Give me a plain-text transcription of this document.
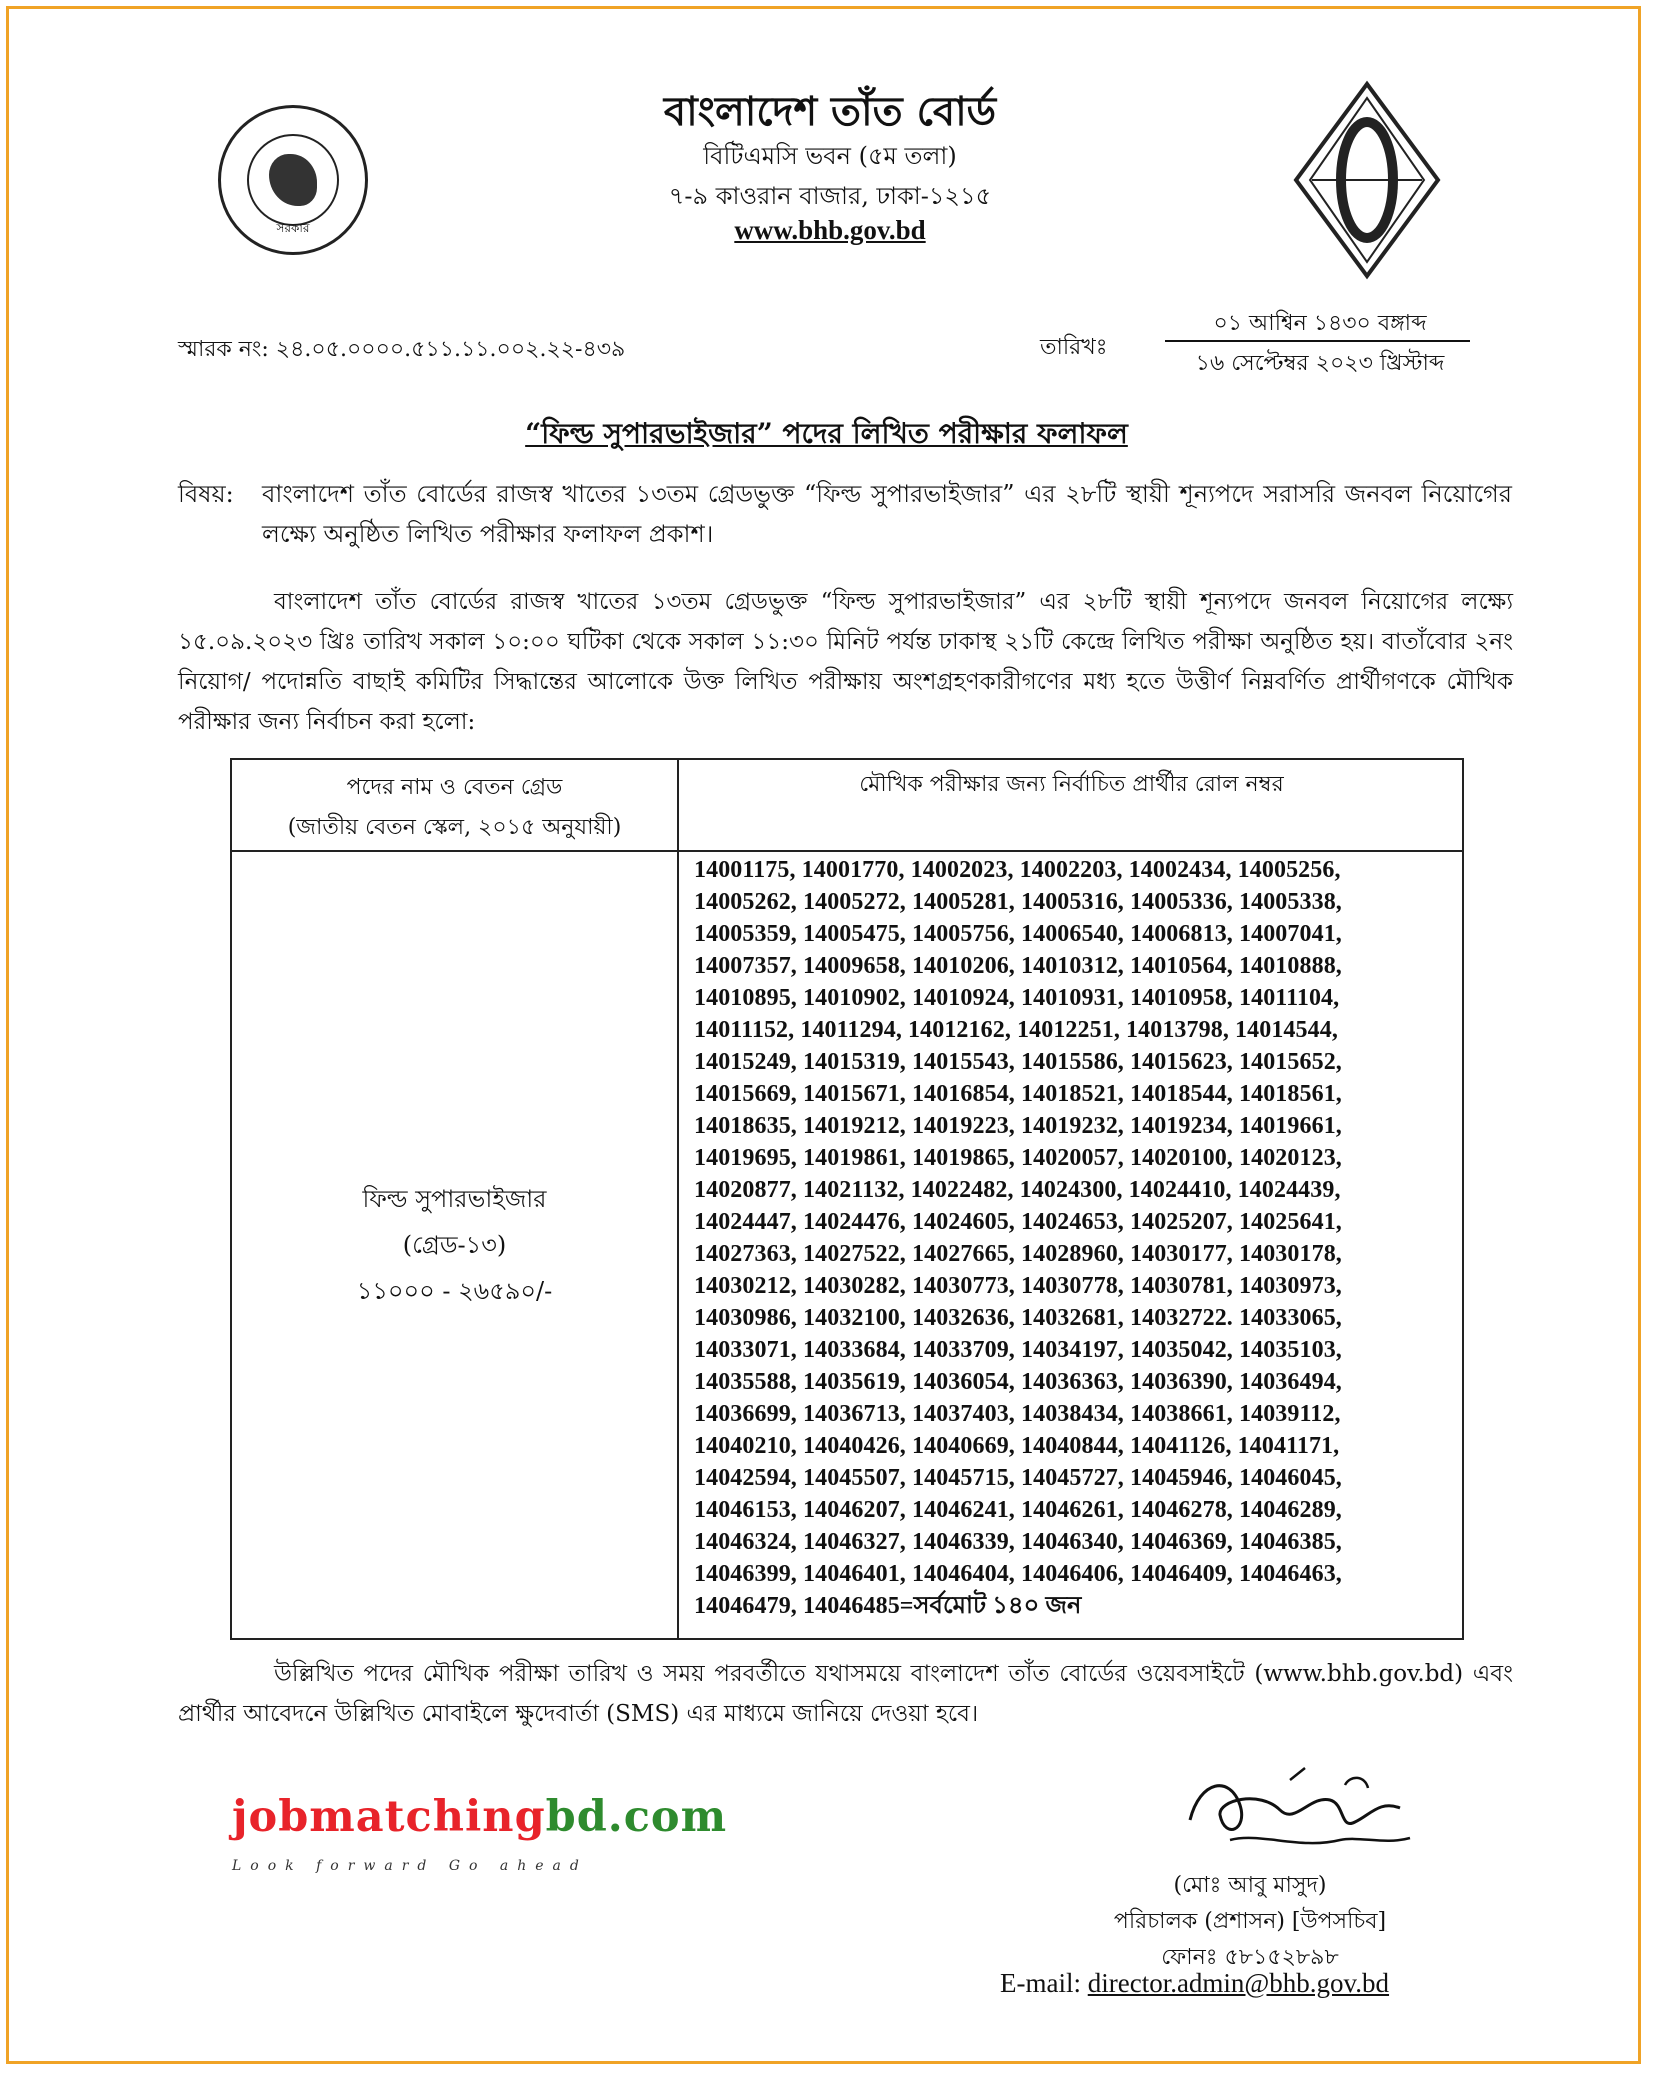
সরকার
বাংলাদেশ তাঁত বোর্ড
বিটিএমসি ভবন (৫ম তলা)
৭-৯ কাওরান বাজার, ঢাকা-১২১৫
www.bhb.gov.bd
স্মারক নং: ২৪.০৫.০০০০.৫১১.১১.০০২.২২-৪৩৯	তারিখঃ
০১ আশ্বিন ১৪৩০ বঙ্গাব্দ
১৬ সেপ্টেম্বর ২০২৩ খ্রিস্টাব্দ
“ফিল্ড সুপারভাইজার” পদের লিখিত পরীক্ষার ফলাফল
বিষয়: বাংলাদেশ তাঁত বোর্ডের রাজস্ব খাতের ১৩তম গ্রেডভুক্ত “ফিল্ড সুপারভাইজার” এর ২৮টি স্থায়ী শূন্যপদে সরাসরি জনবল নিয়োগের লক্ষ্যে অনুষ্ঠিত লিখিত পরীক্ষার ফলাফল প্রকাশ।
বাংলাদেশ তাঁত বোর্ডের রাজস্ব খাতের ১৩তম গ্রেডভুক্ত “ফিল্ড সুপারভাইজার” এর ২৮টি স্থায়ী শূন্যপদে জনবল নিয়োগের লক্ষ্যে ১৫.০৯.২০২৩ খ্রিঃ তারিখ সকাল ১০:০০ ঘটিকা থেকে সকাল ১১:৩০ মিনিট পর্যন্ত ঢাকাস্থ ২১টি কেন্দ্রে লিখিত পরীক্ষা অনুষ্ঠিত হয়। বাতাঁবোর ২নং নিয়োগ/ পদোন্নতি বাছাই কমিটির সিদ্ধান্তের আলোকে উক্ত লিখিত পরীক্ষায় অংশগ্রহণকারীগণের মধ্য হতে উত্তীর্ণ নিম্নবর্ণিত প্রার্থীগণকে মৌখিক পরীক্ষার জন্য নির্বাচন করা হলো:
পদের নাম ও বেতন গ্রেড
(জাতীয় বেতন স্কেল, ২০১৫ অনুযায়ী)
মৌখিক পরীক্ষার জন্য নির্বাচিত প্রার্থীর রোল নম্বর
ফিল্ড সুপারভাইজার
(গ্রেড-১৩)
১১০০০ - ২৬৫৯০/-
14001175, 14001770, 14002023, 14002203, 14002434, 14005256,
14005262, 14005272, 14005281, 14005316, 14005336, 14005338,
14005359, 14005475, 14005756, 14006540, 14006813, 14007041,
14007357, 14009658, 14010206, 14010312, 14010564, 14010888,
14010895, 14010902, 14010924, 14010931, 14010958, 14011104,
14011152, 14011294, 14012162, 14012251, 14013798, 14014544,
14015249, 14015319, 14015543, 14015586, 14015623, 14015652,
14015669, 14015671, 14016854, 14018521, 14018544, 14018561,
14018635, 14019212, 14019223, 14019232, 14019234, 14019661,
14019695, 14019861, 14019865, 14020057, 14020100, 14020123,
14020877, 14021132, 14022482, 14024300, 14024410, 14024439,
14024447, 14024476, 14024605, 14024653, 14025207, 14025641,
14027363, 14027522, 14027665, 14028960, 14030177, 14030178,
14030212, 14030282, 14030773, 14030778, 14030781, 14030973,
14030986, 14032100, 14032636, 14032681, 14032722. 14033065,
14033071, 14033684, 14033709, 14034197, 14035042, 14035103,
14035588, 14035619, 14036054, 14036363, 14036390, 14036494,
14036699, 14036713, 14037403, 14038434, 14038661, 14039112,
14040210, 14040426, 14040669, 14040844, 14041126, 14041171,
14042594, 14045507, 14045715, 14045727, 14045946, 14046045,
14046153, 14046207, 14046241, 14046261, 14046278, 14046289,
14046324, 14046327, 14046339, 14046340, 14046369, 14046385,
14046399, 14046401, 14046404, 14046406, 14046409, 14046463,
14046479, 14046485=সর্বমোট ১৪০ জন
উল্লিখিত পদের মৌখিক পরীক্ষা তারিখ ও সময় পরবর্তীতে যথাসময়ে বাংলাদেশ তাঁত বোর্ডের ওয়েবসাইটে (www.bhb.gov.bd) এবং প্রার্থীর আবেদনে উল্লিখিত মোবাইলে ক্ষুদেবার্তা (SMS) এর মাধ্যমে জানিয়ে দেওয়া হবে।
jobmatchingbd.com
Look forward Go ahead
(মোঃ আবু মাসুদ)
পরিচালক (প্রশাসন) [উপসচিব]
ফোনঃ ৫৮১৫২৮৯৮
E-mail: director.admin@bhb.gov.bd
